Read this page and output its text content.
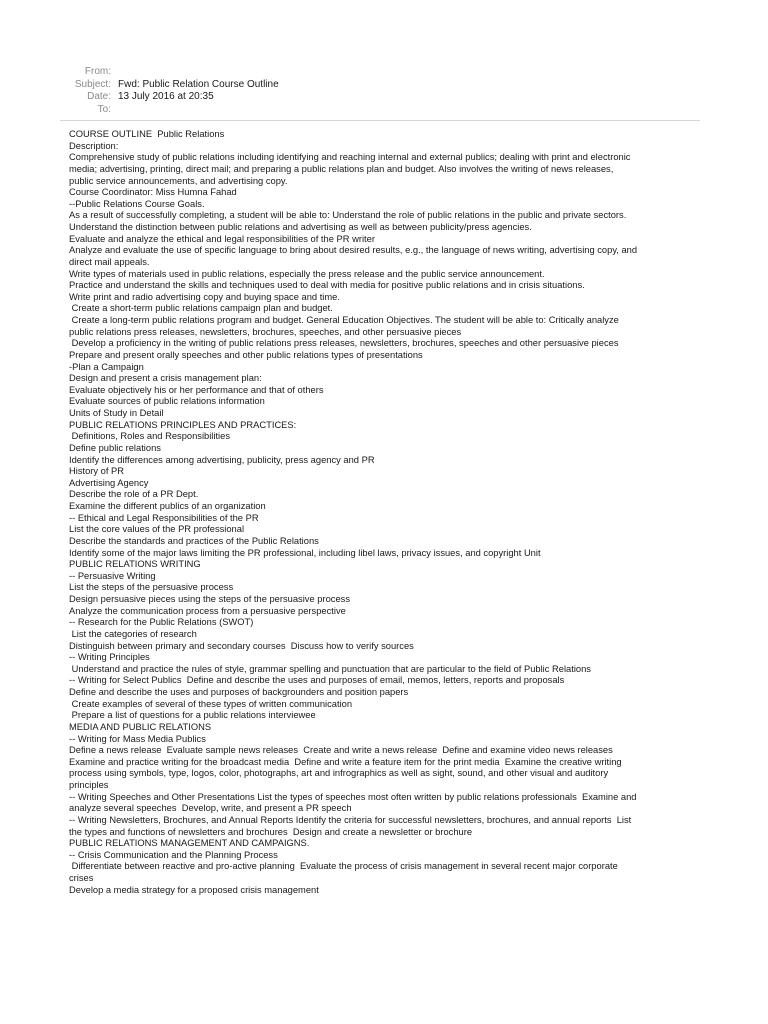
From:
Subject: Fwd: Public Relation Course Outline
Date: 13 July 2016 at 20:35
To:
COURSE OUTLINE  Public Relations
Description:
Comprehensive study of public relations including identifying and reaching internal and external publics; dealing with print and electronic
media; advertising, printing, direct mail; and preparing a public relations plan and budget. Also involves the writing of news releases,
public service announcements, and advertising copy.
Course Coordinator: Miss Humna Fahad
--Public Relations Course Goals.
As a result of successfully completing, a student will be able to: Understand the role of public relations in the public and private sectors.
Understand the distinction between public relations and advertising as well as between publicity/press agencies.
Evaluate and analyze the ethical and legal responsibilities of the PR writer
Analyze and evaluate the use of specific language to bring about desired results, e.g., the language of news writing, advertising copy, and
direct mail appeals.
Write types of materials used in public relations, especially the press release and the public service announcement.
Practice and understand the skills and techniques used to deal with media for positive public relations and in crisis situations.
Write print and radio advertising copy and buying space and time.
Create a short-term public relations campaign plan and budget.
Create a long-term public relations program and budget. General Education Objectives. The student will be able to: Critically analyze
public relations press releases, newsletters, brochures, speeches, and other persuasive pieces
Develop a proficiency in the writing of public relations press releases, newsletters, brochures, speeches and other persuasive pieces
Prepare and present orally speeches and other public relations types of presentations
-Plan a Campaign
Design and present a crisis management plan:
Evaluate objectively his or her performance and that of others
Evaluate sources of public relations information
Units of Study in Detail
PUBLIC RELATIONS PRINCIPLES AND PRACTICES:
Definitions, Roles and Responsibilities
Define public relations
Identify the differences among advertising, publicity, press agency and PR
History of PR
Advertising Agency
Describe the role of a PR Dept.
Examine the different publics of an organization
-- Ethical and Legal Responsibilities of the PR
List the core values of the PR professional
Describe the standards and practices of the Public Relations
Identify some of the major laws limiting the PR professional, including libel laws, privacy issues, and copyright Unit
PUBLIC RELATIONS WRITING
-- Persuasive Writing
List the steps of the persuasive process
Design persuasive pieces using the steps of the persuasive process
Analyze the communication process from a persuasive perspective
-- Research for the Public Relations (SWOT)
List the categories of research
Distinguish between primary and secondary courses  Discuss how to verify sources
-- Writing Principles
Understand and practice the rules of style, grammar spelling and punctuation that are particular to the field of Public Relations
-- Writing for Select Publics  Define and describe the uses and purposes of email, memos, letters, reports and proposals
Define and describe the uses and purposes of backgrounders and position papers
Create examples of several of these types of written communication
Prepare a list of questions for a public relations interviewee
MEDIA AND PUBLIC RELATIONS
-- Writing for Mass Media Publics
Define a news release  Evaluate sample news releases  Create and write a news release  Define and examine video news releases
Examine and practice writing for the broadcast media  Define and write a feature item for the print media  Examine the creative writing
process using symbols, type, logos, color, photographs, art and infrographics as well as sight, sound, and other visual and auditory
principles
-- Writing Speeches and Other Presentations List the types of speeches most often written by public relations professionals  Examine and
analyze several speeches  Develop, write, and present a PR speech
-- Writing Newsletters, Brochures, and Annual Reports Identify the criteria for successful newsletters, brochures, and annual reports  List
the types and functions of newsletters and brochures  Design and create a newsletter or brochure
PUBLIC RELATIONS MANAGEMENT AND CAMPAIGNS.
-- Crisis Communication and the Planning Process
Differentiate between reactive and pro-active planning  Evaluate the process of crisis management in several recent major corporate
crises
Develop a media strategy for a proposed crisis management
